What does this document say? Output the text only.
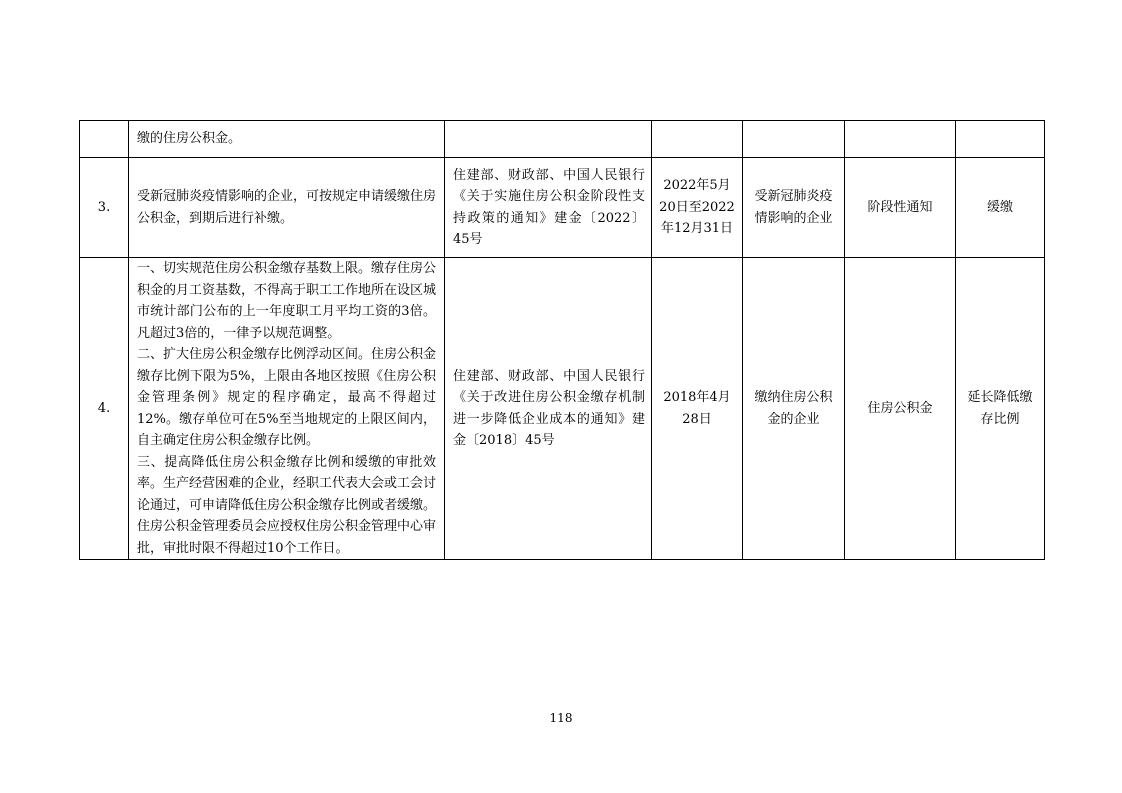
	缴的住房公积金。					

3.	受新冠肺炎疫情影响的企业，可按规定申请缓缴住房公积金，到期后进行补缴。	住建部、财政部、中国人民银行《关于实施住房公积金阶段性支持政策的通知》建金〔2022〕45号	2022年5月20日至2022年12月31日	受新冠肺炎疫情影响的企业	阶段性通知	缓缴
4.	一、切实规范住房公积金缴存基数上限。缴存住房公积金的月工资基数，不得高于职工工作地所在设区城市统计部门公布的上一年度职工月平均工资的3倍。凡超过3倍的，一律予以规范调整。
二、扩大住房公积金缴存比例浮动区间。住房公积金缴存比例下限为5%，上限由各地区按照《住房公积金管理条例》规定的程序确定，最高不得超过12%。缴存单位可在5%至当地规定的上限区间内，自主确定住房公积金缴存比例。
三、提高降低住房公积金缴存比例和缓缴的审批效率。生产经营困难的企业，经职工代表大会或工会讨论通过，可申请降低住房公积金缴存比例或者缓缴。住房公积金管理委员会应授权住房公积金管理中心审批，审批时限不得超过10个工作日。	住建部、财政部、中国人民银行《关于改进住房公积金缴存机制进一步降低企业成本的通知》建金〔2018〕45号	2018年4月28日	缴纳住房公积金的企业	住房公积金	延长降低缴存比例
118
